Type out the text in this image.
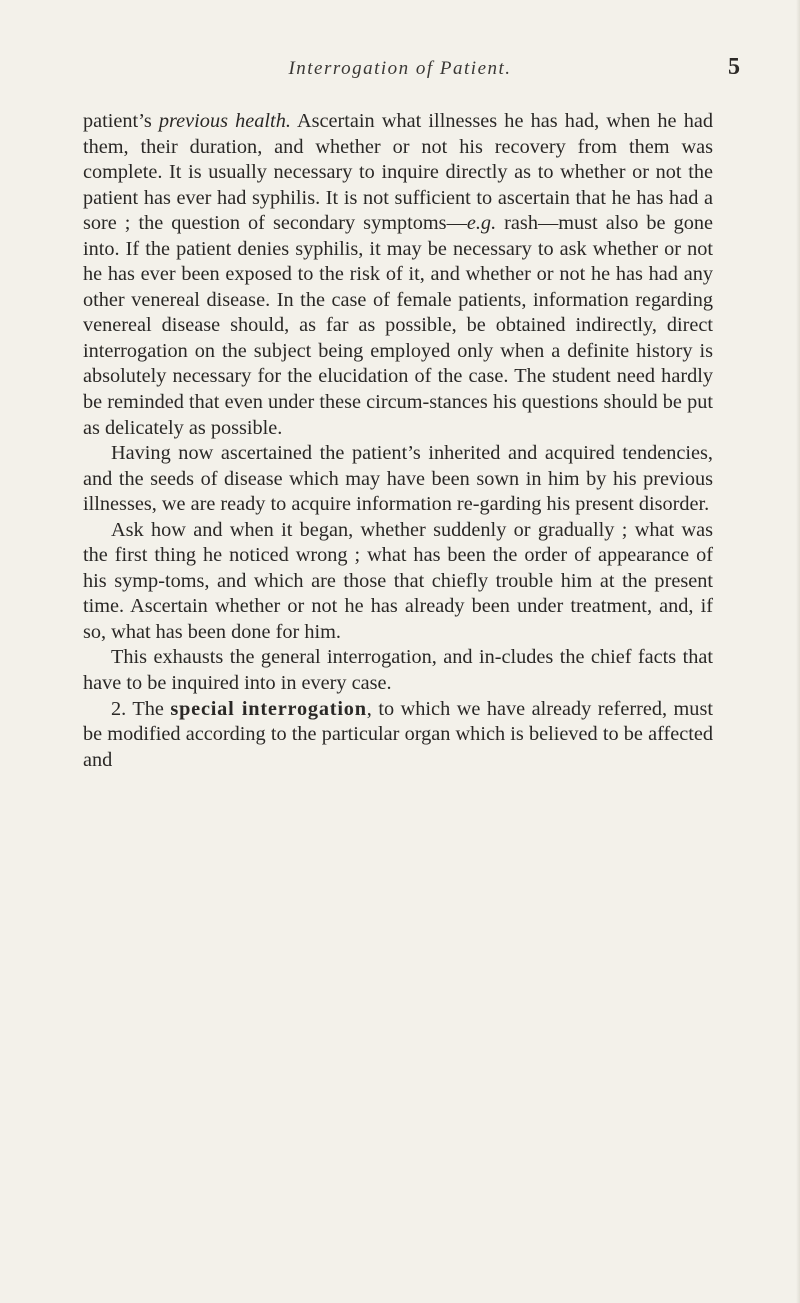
Interrogation of Patient.	5

patient’s previous health. Ascertain what illnesses he has had, when he had them, their duration, and whether or not his recovery from them was complete. It is usually necessary to inquire directly as to whether or not the patient has ever had syphilis. It is not sufficient to ascertain that he has had a sore ; the question of secondary symptoms—e.g. rash—must also be gone into. If the patient denies syphilis, it may be necessary to ask whether or not he has ever been exposed to the risk of it, and whether or not he has had any other venereal disease. In the case of female patients, information regarding venereal disease should, as far as possible, be obtained indirectly, direct interrogation on the subject being employed only when a definite history is absolutely necessary for the elucidation of the case. The student need hardly be reminded that even under these circum-stances his questions should be put as delicately as possible.

Having now ascertained the patient’s inherited and acquired tendencies, and the seeds of disease which may have been sown in him by his previous illnesses, we are ready to acquire information re-garding his present disorder.

Ask how and when it began, whether suddenly or gradually ; what was the first thing he noticed wrong ; what has been the order of appearance of his symp-toms, and which are those that chiefly trouble him at the present time. Ascertain whether or not he has already been under treatment, and, if so, what has been done for him.

This exhausts the general interrogation, and in-cludes the chief facts that have to be inquired into in every case.

2. The special interrogation, to which we have already referred, must be modified according to the particular organ which is believed to be affected and
